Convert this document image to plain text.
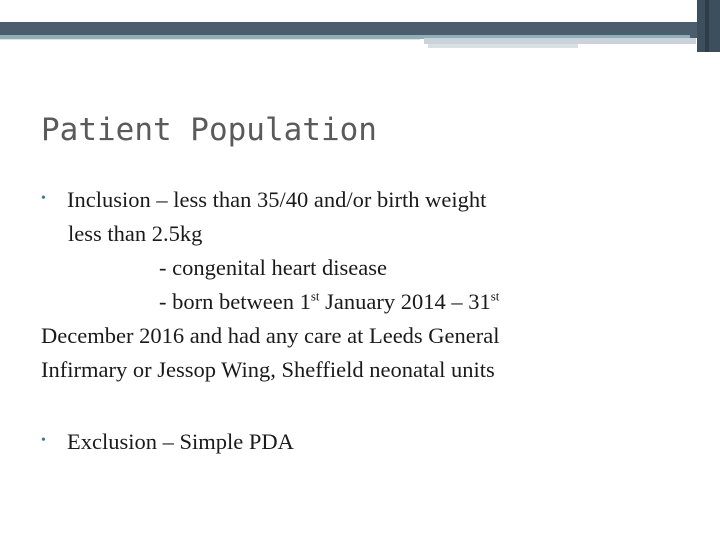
Patient Population
• Inclusion – less than 35/40 and/or birth weight
less than 2.5kg
- congenital heart disease
- born between 1st January 2014 – 31st
December 2016 and had any care at Leeds General
Infirmary or Jessop Wing, Sheffield neonatal units
• Exclusion – Simple PDA
